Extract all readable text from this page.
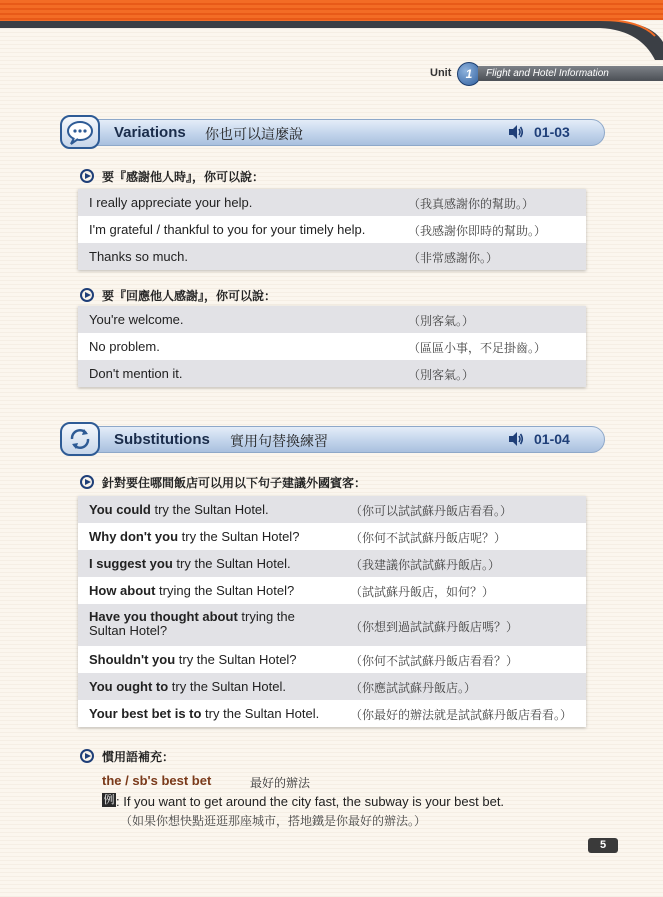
Unit	1	Flight and Hotel Information
Variations 你也可以這麼說	01-03
要『感謝他人時』，你可以說：
I really appreciate your help.	（我真感謝你的幫助。）
I'm grateful / thankful to you for your timely help.	（我感謝你即時的幫助。）
Thanks so much.	（非常感謝你。）
要『回應他人感謝』，你可以說：
You're welcome.	（別客氣。）
No problem.	（區區小事，不足掛齒。）
Don't mention it.	（別客氣。）
Substitutions 實用句替換練習	01-04
針對要住哪間飯店可以用以下句子建議外國賓客：
You could try the Sultan Hotel.	（你可以試試蘇丹飯店看看。）
Why don't you try the Sultan Hotel?	（你何不試試蘇丹飯店呢？）
I suggest you try the Sultan Hotel.	（我建議你試試蘇丹飯店。）
How about trying the Sultan Hotel?	（試試蘇丹飯店，如何？）
Have you thought about trying the Sultan Hotel?	（你想到過試試蘇丹飯店嗎？）
Shouldn't you try the Sultan Hotel?	（你何不試試蘇丹飯店看看？）
You ought to try the Sultan Hotel.	（你應試試蘇丹飯店。）
Your best bet is to try the Sultan Hotel.	（你最好的辦法就是試試蘇丹飯店看看。）
慣用語補充：
the / sb's best bet	最好的辦法
例 : If you want to get around the city fast, the subway is your best bet.
（如果你想快點逛逛那座城市，搭地鐵是你最好的辦法。）
5
